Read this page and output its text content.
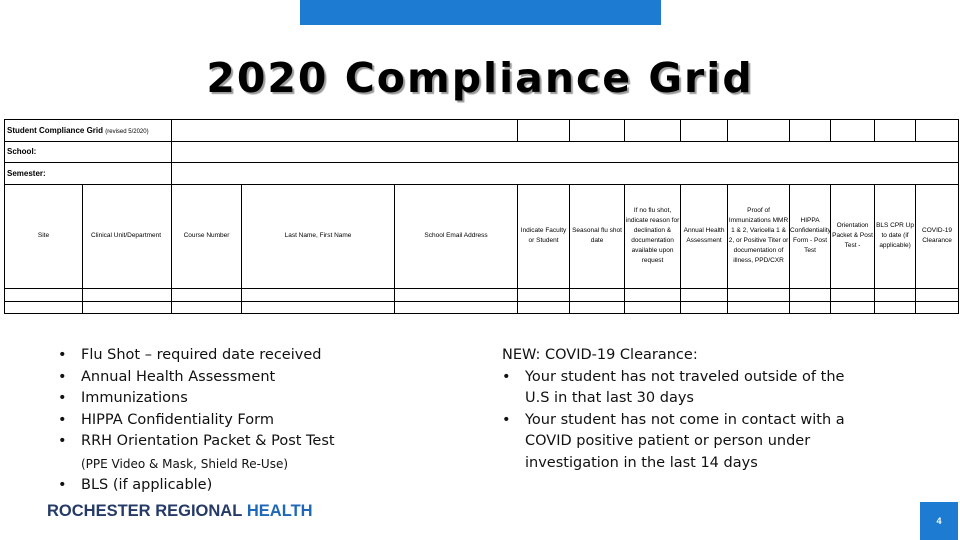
2020 Compliance Grid
Student Compliance Grid (revised 5/2020)													
School:													
Semester:													
Site	Clinical Unit/Department	Course Number	Last Name, First Name	School Email Address	Indicate Faculty or Student	Seasonal flu shot date	If no flu shot, indicate reason for declination & documentation available upon request	Annual Health Assessment	Proof of Immunizations MMR 1 & 2, Varicella 1 & 2, or Positive Titer or documentation of illness, PPD/CXR	HIPPA Confidentiality Form - Post Test	Orientation Packet & Post Test -	BLS CPR Up to date (if applicable)	COVID-19 Clearance

• Flu Shot – required date received
• Annual Health Assessment
• Immunizations
• HIPPA Confidentiality Form
• RRH Orientation Packet & Post Test
(PPE Video & Mask, Shield Re-Use)
• BLS (if applicable)
NEW: COVID-19 Clearance:
• Your student has not traveled outside of the U.S in that last 30 days
• Your student has not come in contact with a COVID positive patient or person under investigation in the last 14 days
ROCHESTER REGIONAL HEALTH
4
